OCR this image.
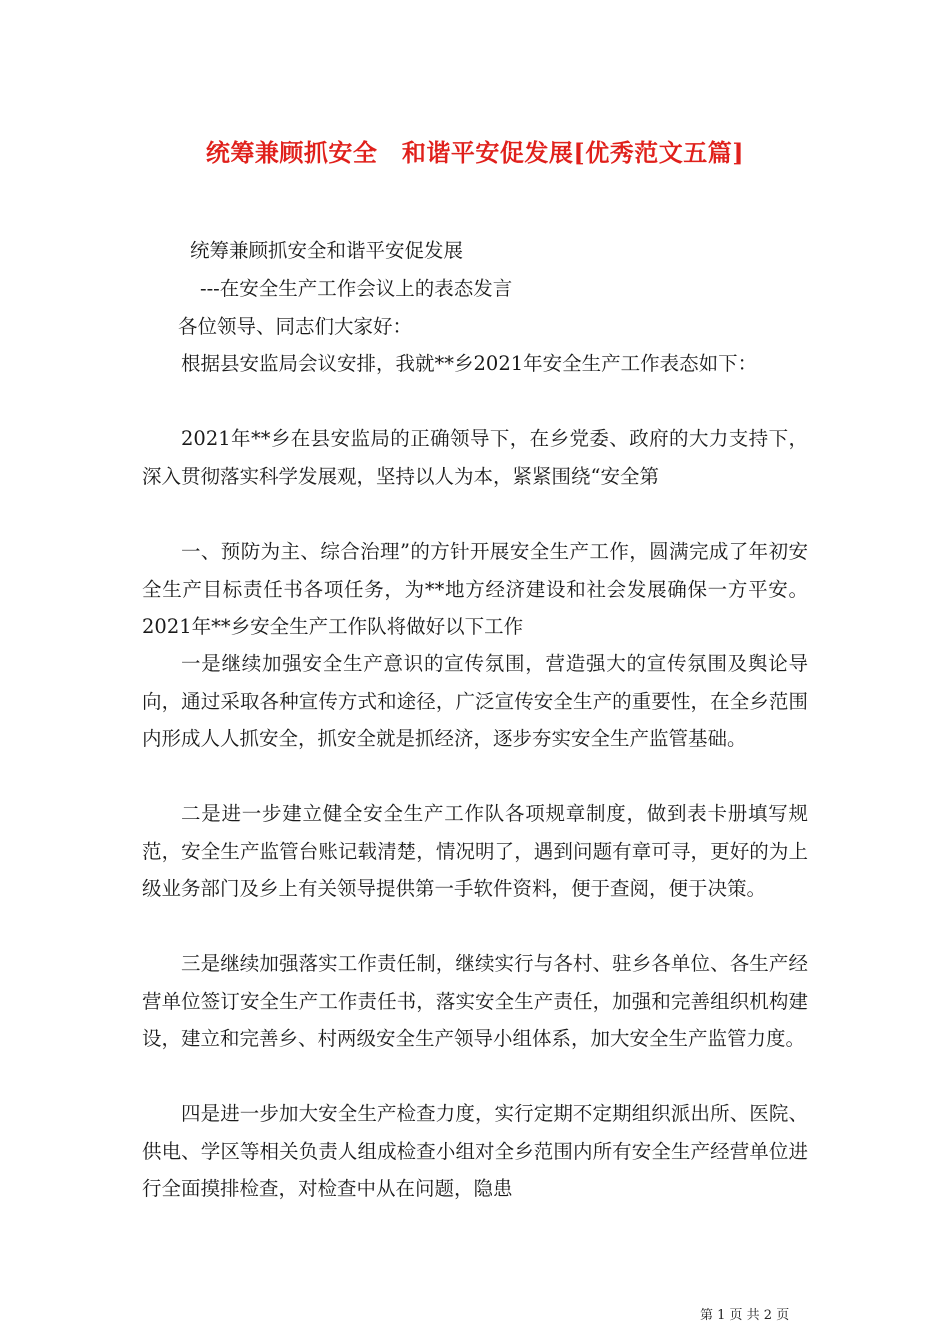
统筹兼顾抓安全　和谐平安促发展[优秀范文五篇]
统筹兼顾抓安全和谐平安促发展
---在安全生产工作会议上的表态发言
各位领导、同志们大家好：
根据县安监局会议安排，我就**乡2021年安全生产工作表态如下：
2021年**乡在县安监局的正确领导下，在乡党委、政府的大力支持下，深入贯彻落实科学发展观，坚持以人为本，紧紧围绕“安全第
一、预防为主、综合治理”的方针开展安全生产工作，圆满完成了年初安全生产目标责任书各项任务，为**地方经济建设和社会发展确保一方平安。2021年**乡安全生产工作队将做好以下工作
一是继续加强安全生产意识的宣传氛围，营造强大的宣传氛围及舆论导向，通过采取各种宣传方式和途径，广泛宣传安全生产的重要性，在全乡范围内形成人人抓安全，抓安全就是抓经济，逐步夯实安全生产监管基础。
二是进一步建立健全安全生产工作队各项规章制度，做到表卡册填写规范，安全生产监管台账记载清楚，情况明了，遇到问题有章可寻，更好的为上级业务部门及乡上有关领导提供第一手软件资料，便于查阅，便于决策。
三是继续加强落实工作责任制，继续实行与各村、驻乡各单位、各生产经营单位签订安全生产工作责任书，落实安全生产责任，加强和完善组织机构建设，建立和完善乡、村两级安全生产领导小组体系，加大安全生产监管力度。
四是进一步加大安全生产检查力度，实行定期不定期组织派出所、医院、供电、学区等相关负责人组成检查小组对全乡范围内所有安全生产经营单位进行全面摸排检查，对检查中从在问题，隐患
第 1 页 共 2 页
